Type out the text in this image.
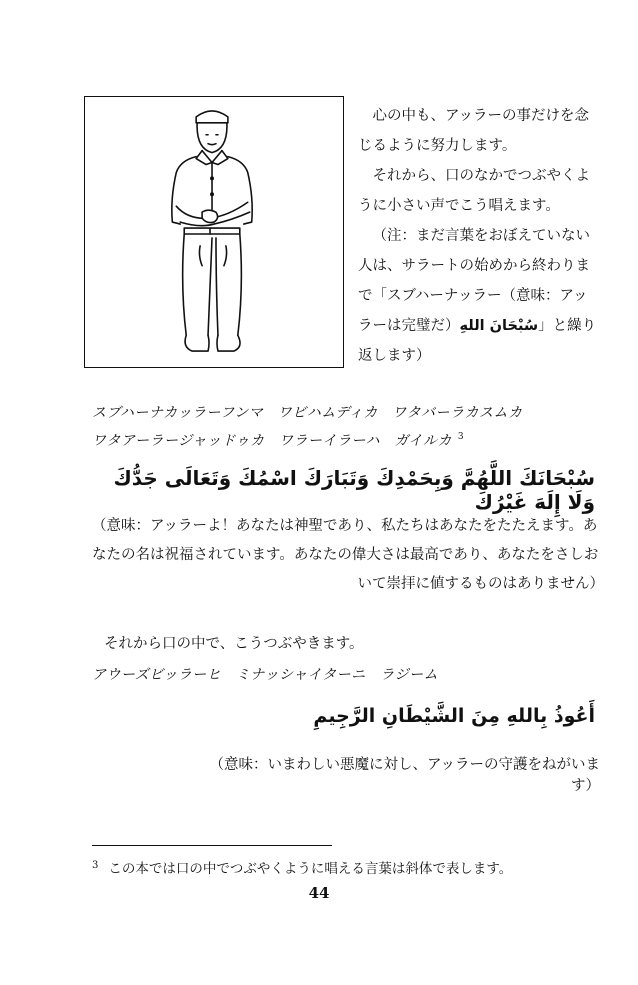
心の中も、アッラーの事だけを念じるように努力します。

それから、口のなかでつぶやくように小さい声でこう唱えます。

（注：まだ言葉をおぼえていない人は、サラートの始めから終わりまで「スブハーナッラー（意味：アッラーは完璧だ）سُبْحَانَ اللهِ」と繰り返します）

スブハーナカッラーフンマ　ワビハムディカ　ワタバーラカスムカ
ワタアーラージャッドゥカ　ワラーイラーハ　ガイルカ $^3$
سُبْحَانَكَ اللَّهُمَّ وَبِحَمْدِكَ وَتَبَارَكَ اسْمُكَ وَتَعَالَى جَدُّكَ وَلَا إِلَهَ غَيْرُكَ
（意味：アッラーよ！あなたは神聖であり、私たちはあなたをたたえます。あ
なたの名は祝福されています。あなたの偉大さは最高であり、あなたをさしお
いて崇拝に値するものはありません）
それから口の中で、こうつぶやきます。
アウーズビッラーヒ　ミナッシャイターニ　ラジーム
أَعُوذُ بِاللهِ مِنَ الشَّيْطَانِ الرَّجِيمِ
（意味：いまわしい悪魔に対し、アッラーの守護をねがいます）
$^3$ この本では口の中でつぶやくように唱える言葉は斜体で表します。
44
